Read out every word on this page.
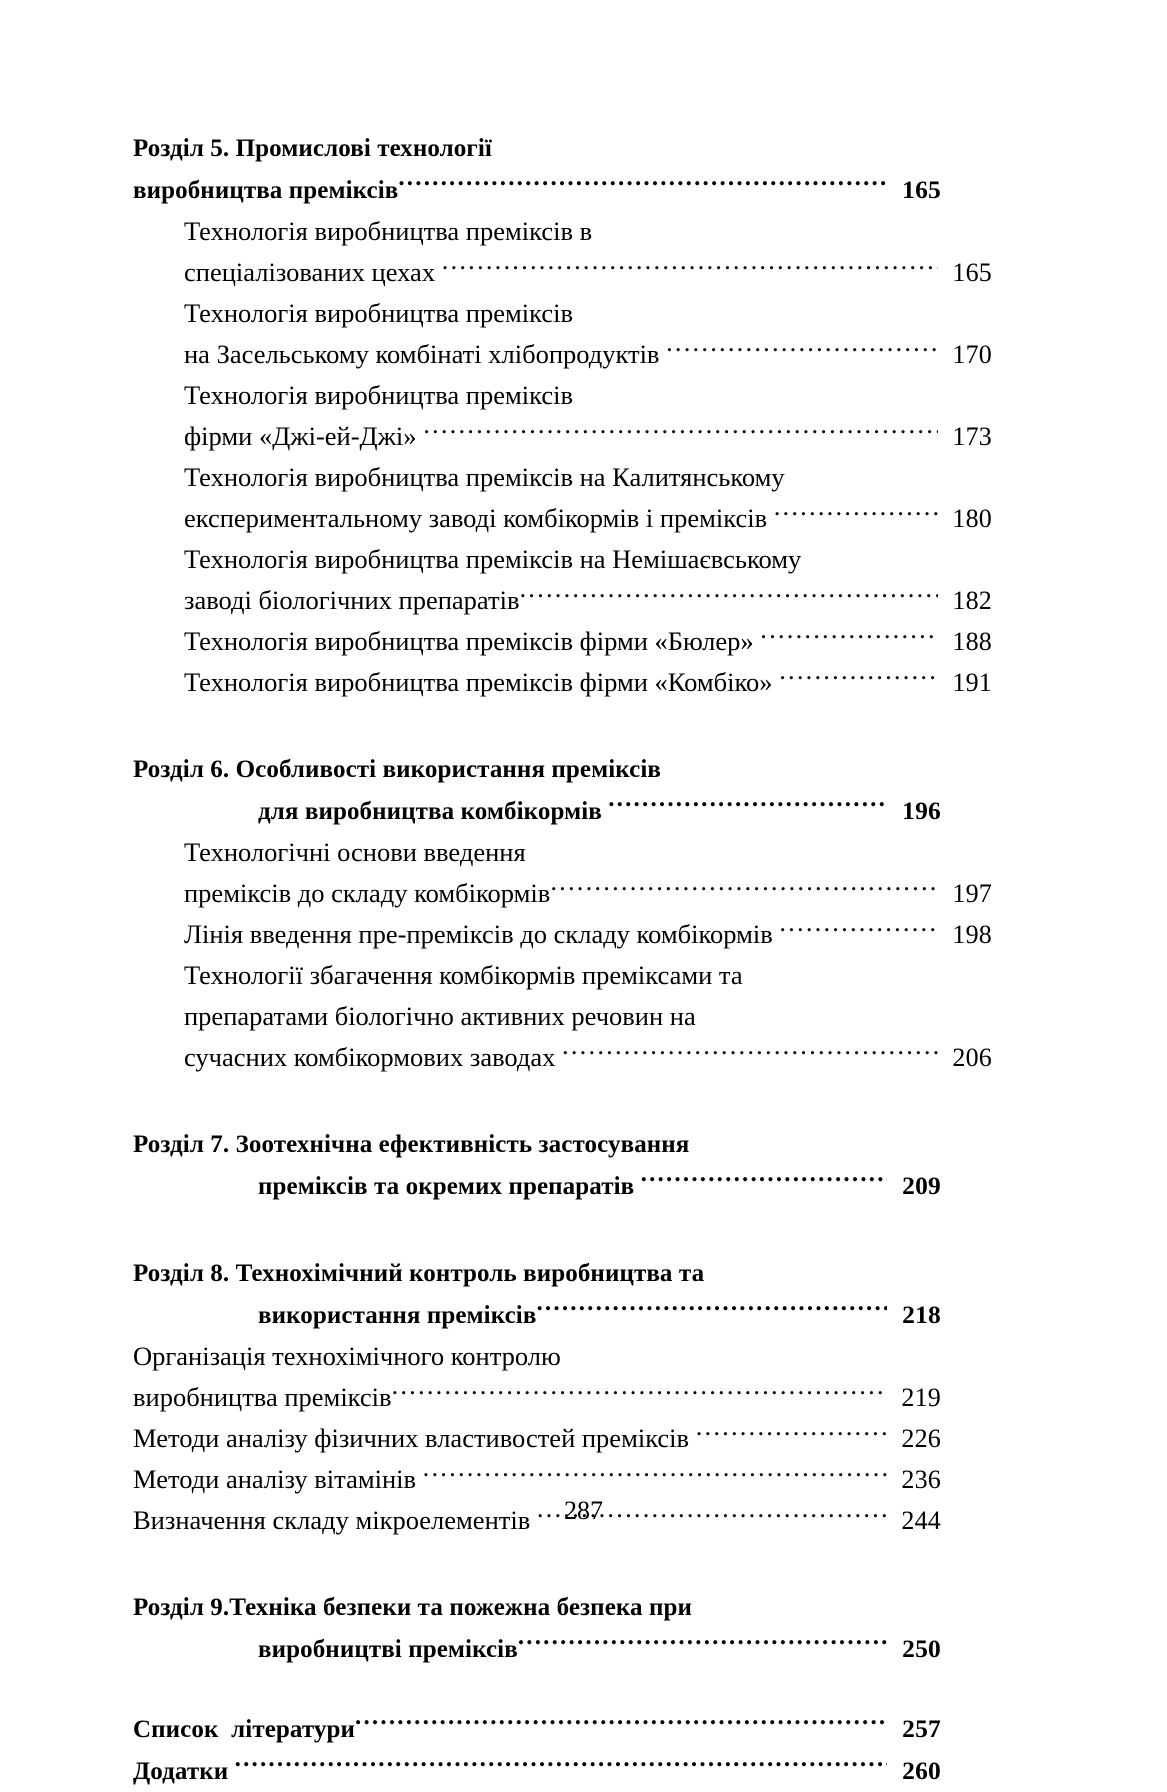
Розділ 5. Промислові технології
виробництва преміксів .....	165
Технологія виробництва преміксів в
спеціалізованих цехах .....	165
Технологія виробництва преміксів
на Засельському комбінаті хлібопродуктів .....	170
Технологія виробництва преміксів
фірми «Джі-ей-Джі» .....	173
Технологія виробництва преміксів на Калитянському
експериментальному заводі комбікормів і преміксів .....	180
Технологія виробництва преміксів на Немішаєвському
заводі біологічних препаратів .....	182
Технологія виробництва преміксів фірми «Бюлер» .....	188
Технологія виробництва преміксів фірми «Комбіко» .....	191
Розділ 6. Особливості використання преміксів
для виробництва комбікормів .....	196
Технологічні основи введення
преміксів до складу комбікормів .....	197
Лінія введення пре-преміксів до складу комбікормів .....	198
Технології збагачення комбікормів преміксами та
препаратами біологічно активних речовин на
сучасних комбікормових заводах .....	206
Розділ 7. Зоотехнічна ефективність застосування
преміксів та окремих препаратів .....	209
Розділ 8. Технохімічний контроль виробництва та
використання преміксів .....	218
Організація технохімічного контролю
виробництва преміксів .....	219
Методи аналізу фізичних властивостей преміксів .....	226
Методи аналізу вітамінів .....	236
Визначення складу мікроелементів .....	244
Розділ 9.Техніка безпеки та пожежна безпека при
виробництві преміксів .....	250
Список  літератури .....	257
Додатки .....	260
287
